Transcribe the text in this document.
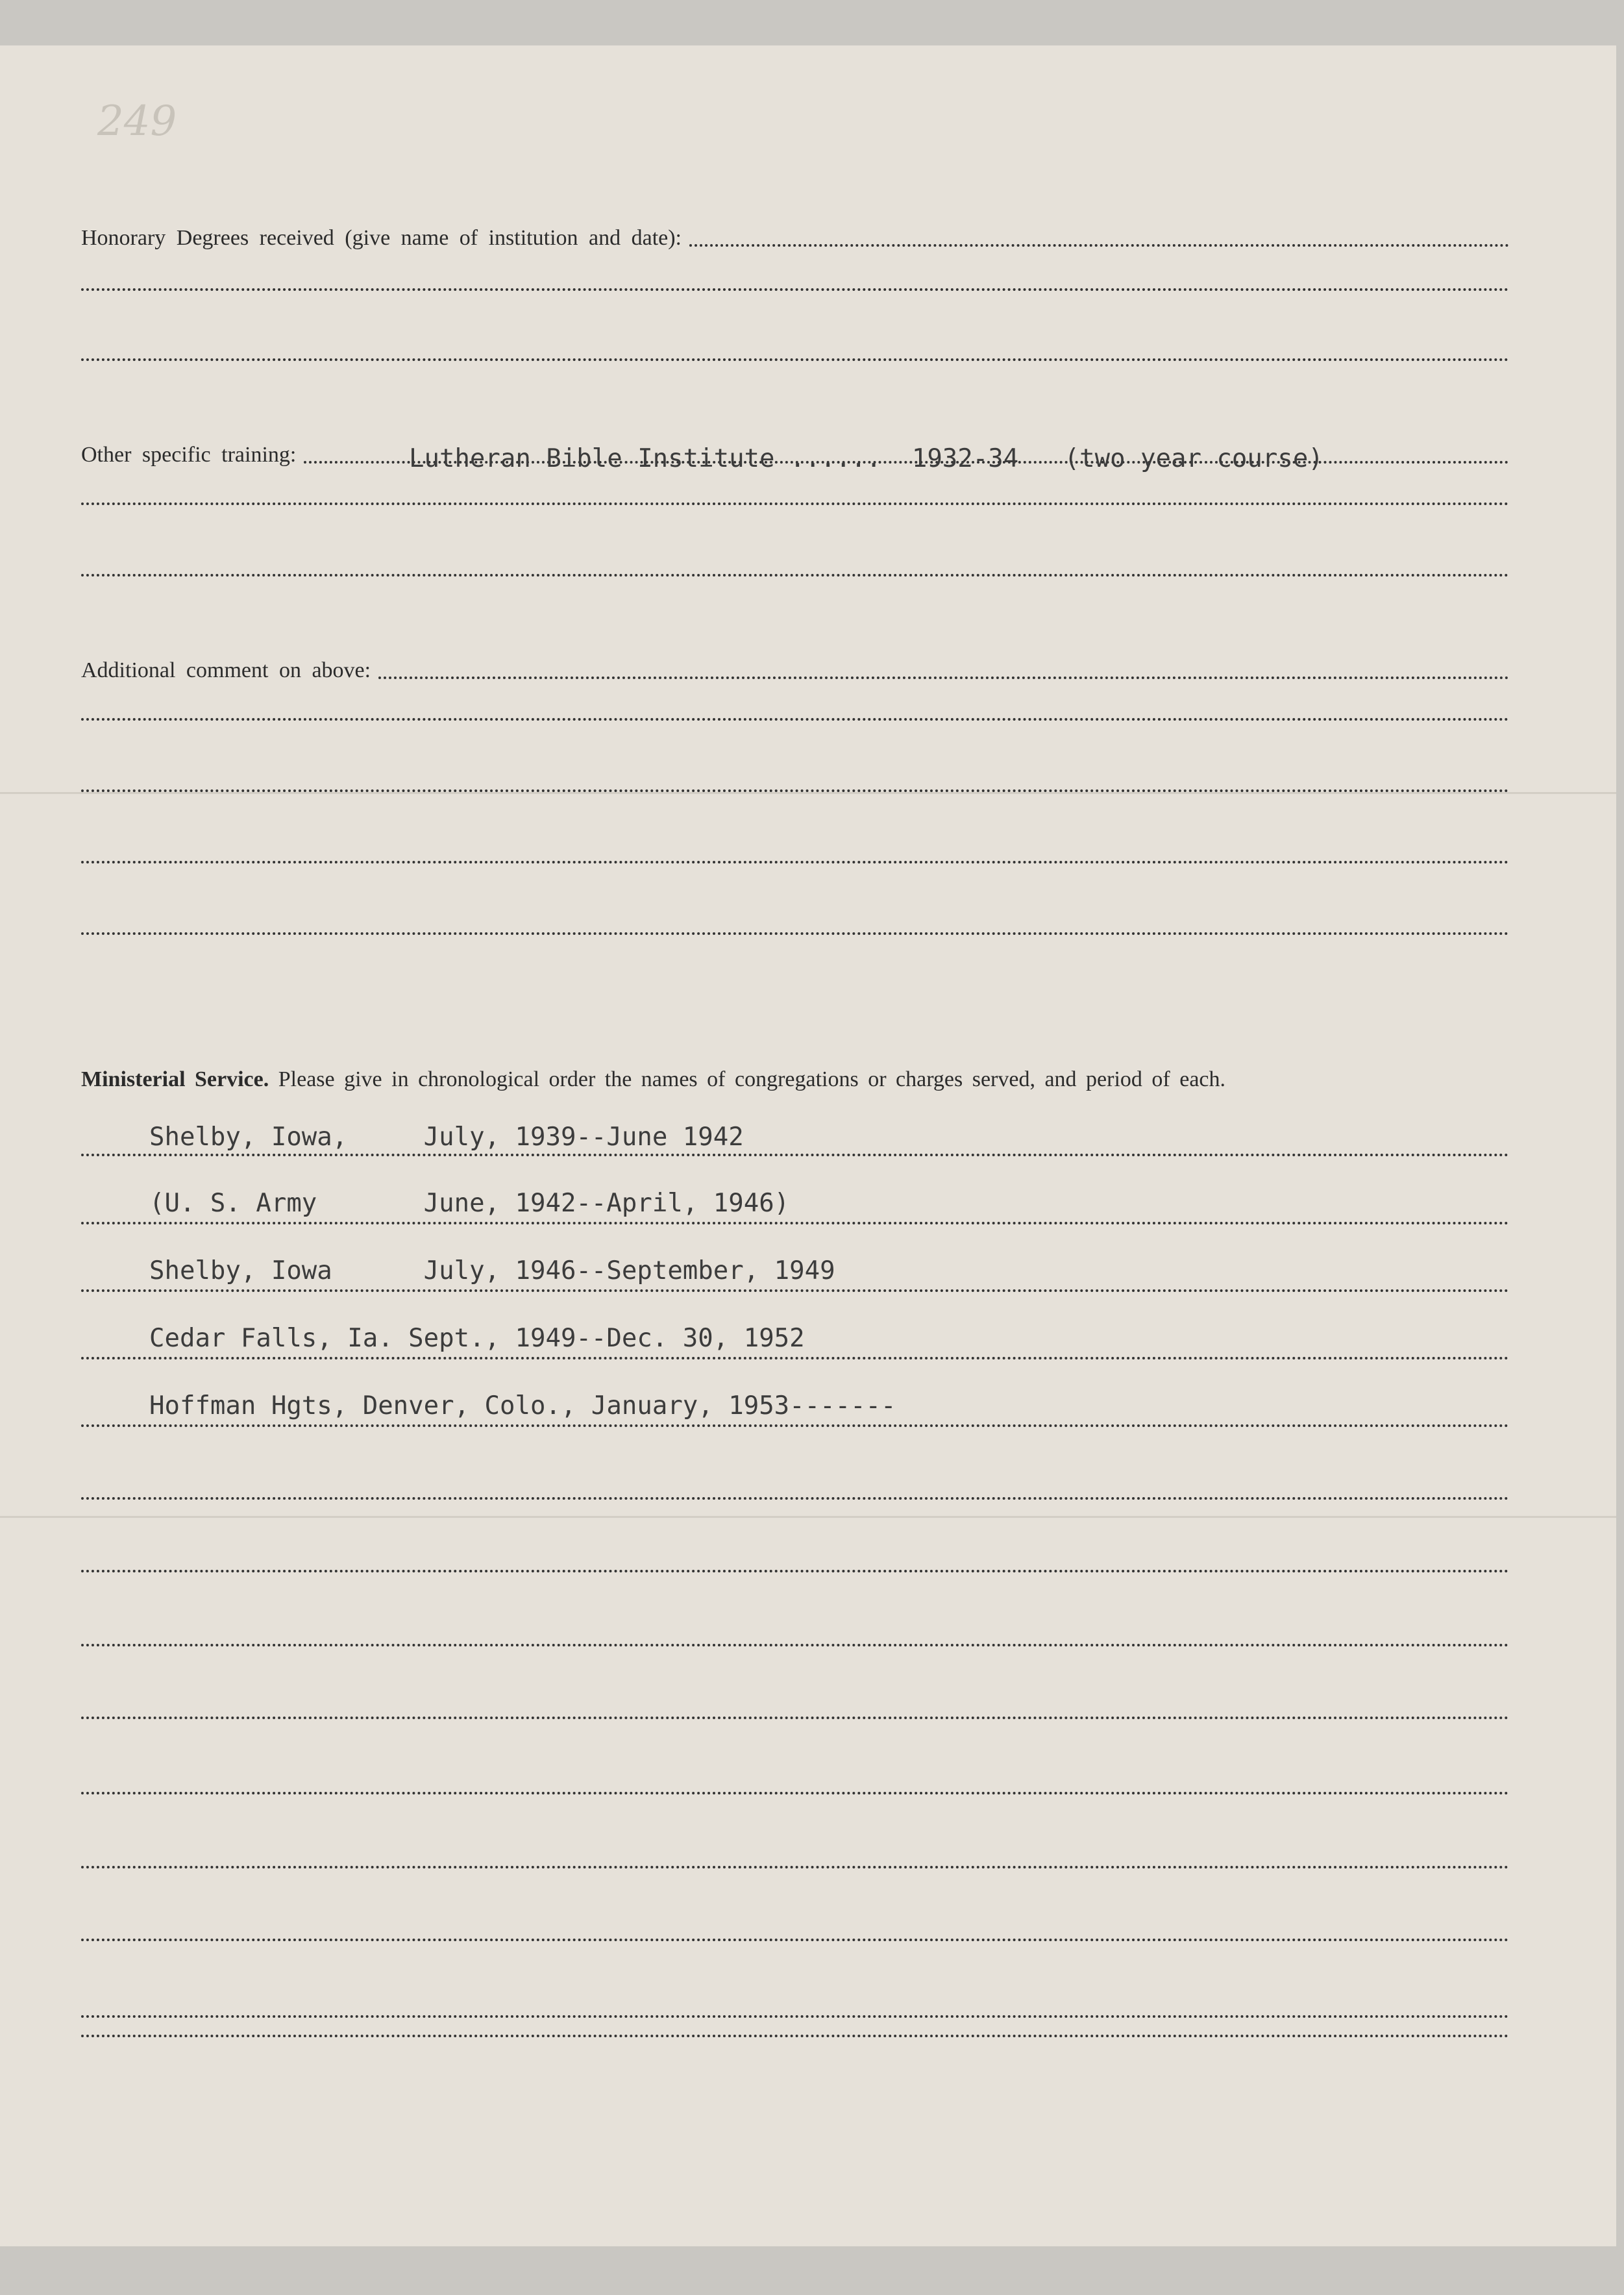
249
Honorary Degrees received (give name of institution and date):
Other specific training:	Lutheran Bible Institute ......  1932-34   (two year course)
Additional comment on above:
Ministerial Service. Please give in chronological order the names of congregations or charges served, and period of each.
Shelby, Iowa,     July, 1939--June 1942
(U. S. Army       June, 1942--April, 1946)
Shelby, Iowa      July, 1946--September, 1949
Cedar Falls, Ia. Sept., 1949--Dec. 30, 1952
Hoffman Hgts, Denver, Colo., January, 1953-------
